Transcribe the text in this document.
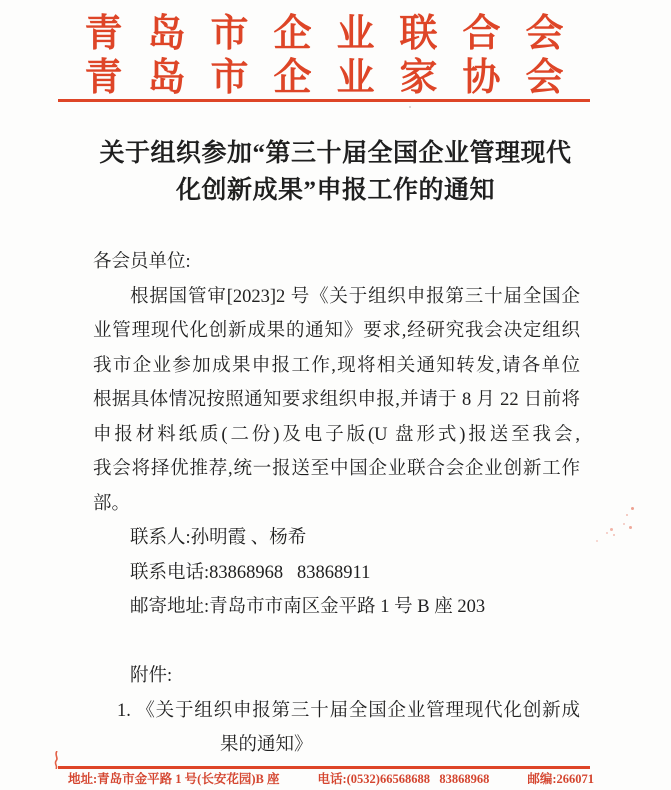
青岛市企业联合会
青岛市企业家协会
关于组织参加“第三十届全国企业管理现代
化创新成果”申报工作的通知
各会员单位:
根据国管审[2023]2 号《关于组织申报第三十届全国企
业管理现代化创新成果的通知》要求,经研究我会决定组织
我市企业参加成果申报工作,现将相关通知转发,请各单位
根据具体情况按照通知要求组织申报,并请于 8 月 22 日前将
申报材料纸质(二份)及电子版(U 盘形式)报送至我会,
我会将择优推荐,统一报送至中国企业联合会企业创新工作
部。
联系人:孙明霞 、杨希
联系电话:83868968   83868911
邮寄地址:青岛市市南区金平路 1 号 B 座 203
附件:
1. 《关于组织申报第三十届全国企业管理现代化创新成
果的通知》
地址:青岛市金平路 1 号(长安花园)B 座	电话:(0532)66568688   83868968	邮编:266071
